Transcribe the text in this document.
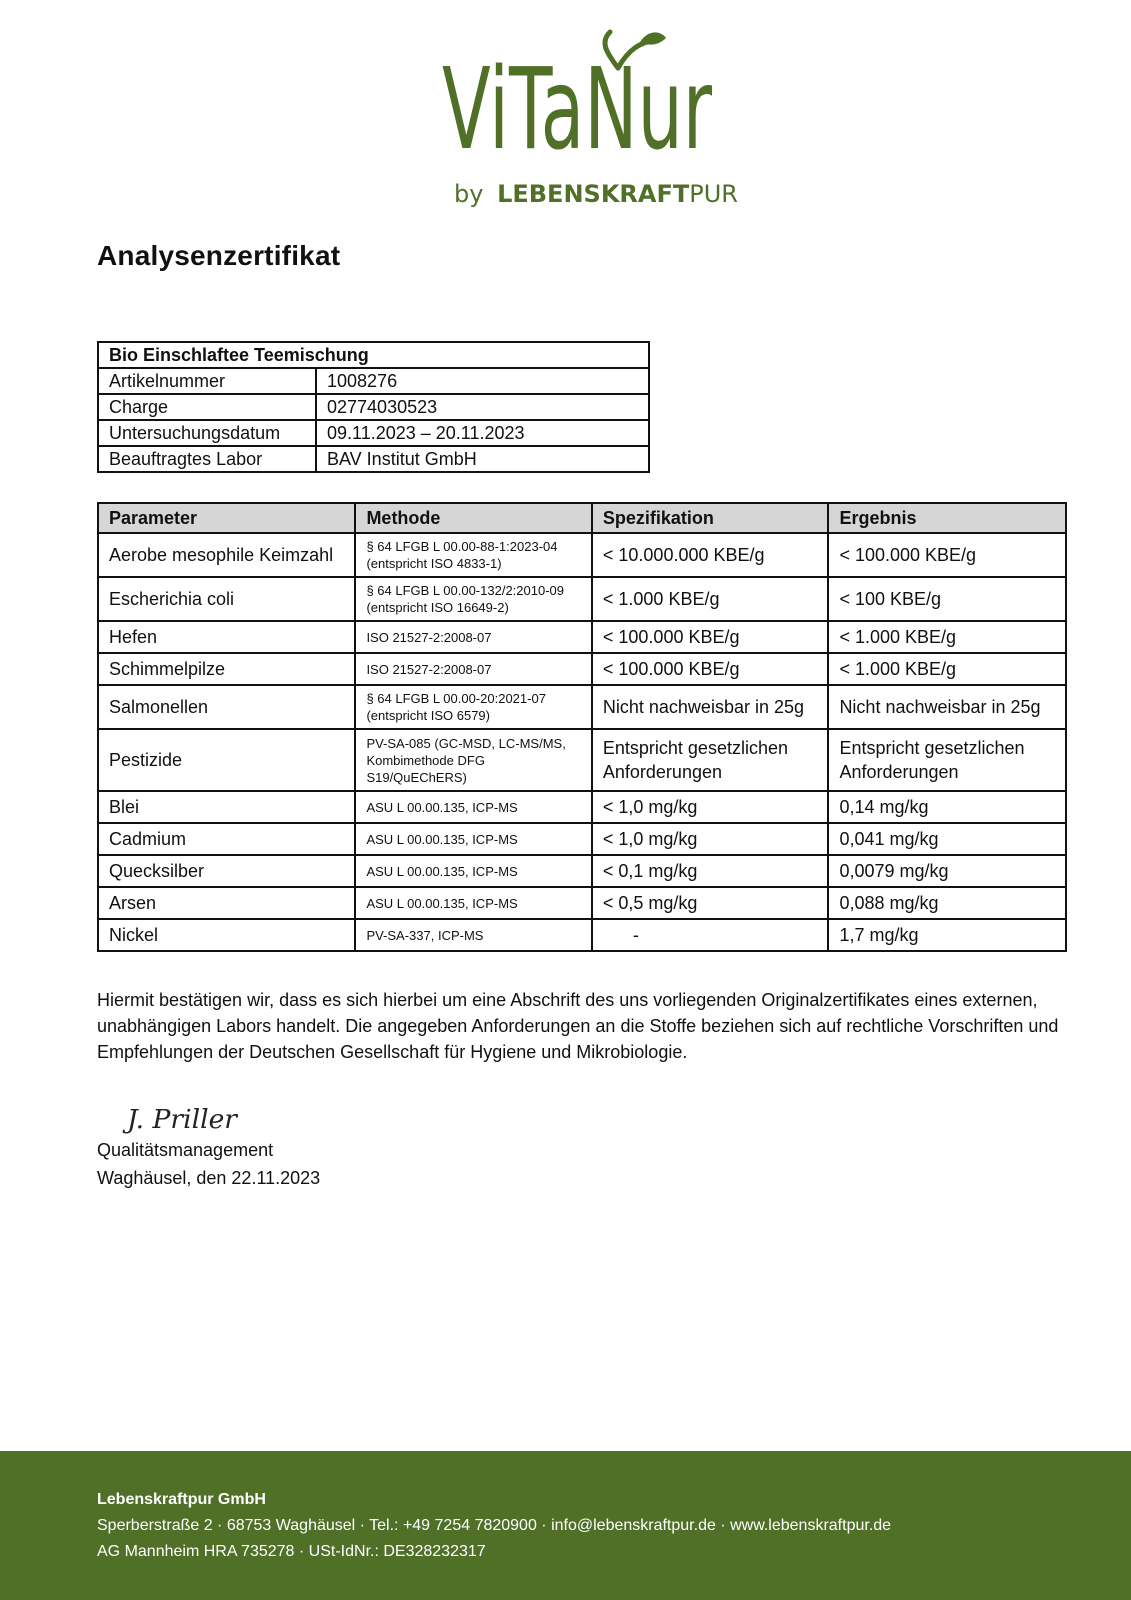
ViTaNur
by LEBENSKRAFTPUR
Analysenzertifikat
Bio Einschlaftee Teemischung	
Artikelnummer	1008276
Charge	02774030523
Untersuchungsdatum	09.11.2023 – 20.11.2023
Beauftragtes Labor	BAV Institut GmbH
Parameter	Methode	Spezifikation	Ergebnis
Aerobe mesophile Keimzahl	§ 64 LFGB L 00.00-88-1:2023-04 (entspricht ISO 4833-1)	< 10.000.000 KBE/g	< 100.000 KBE/g
Escherichia coli	§ 64 LFGB L 00.00-132/2:2010-09 (entspricht ISO 16649-2)	< 1.000 KBE/g	< 100 KBE/g
Hefen	ISO 21527-2:2008-07	< 100.000 KBE/g	< 1.000 KBE/g
Schimmelpilze	ISO 21527-2:2008-07	< 100.000 KBE/g	< 1.000 KBE/g
Salmonellen	§ 64 LFGB L 00.00-20:2021-07 (entspricht ISO 6579)	Nicht nachweisbar in 25g	Nicht nachweisbar in 25g
Pestizide	PV-SA-085 (GC-MSD, LC-MS/MS, Kombimethode DFG S19/QuEChERS)	Entspricht gesetzlichen Anforderungen	Entspricht gesetzlichen Anforderungen
Blei	ASU L 00.00.135, ICP-MS	< 1,0 mg/kg	0,14 mg/kg
Cadmium	ASU L 00.00.135, ICP-MS	< 1,0 mg/kg	0,041 mg/kg
Quecksilber	ASU L 00.00.135, ICP-MS	< 0,1 mg/kg	0,0079 mg/kg
Arsen	ASU L 00.00.135, ICP-MS	< 0,5 mg/kg	0,088 mg/kg
Nickel	PV-SA-337, ICP-MS	-	1,7 mg/kg
Hiermit bestätigen wir, dass es sich hierbei um eine Abschrift des uns vorliegenden Originalzertifikates eines externen, unabhängigen Labors handelt. Die angegeben Anforderungen an die Stoffe beziehen sich auf rechtliche Vorschriften und Empfehlungen der Deutschen Gesellschaft für Hygiene und Mikrobiologie.
J. Priller
Qualitätsmanagement
Waghäusel, den 22.11.2023
Lebenskraftpur GmbH
Sperberstraße 2 · 68753 Waghäusel · Tel.: +49 7254 7820900 · info@lebenskraftpur.de · www.lebenskraftpur.de
AG Mannheim HRA 735278 · USt-IdNr.: DE328232317
